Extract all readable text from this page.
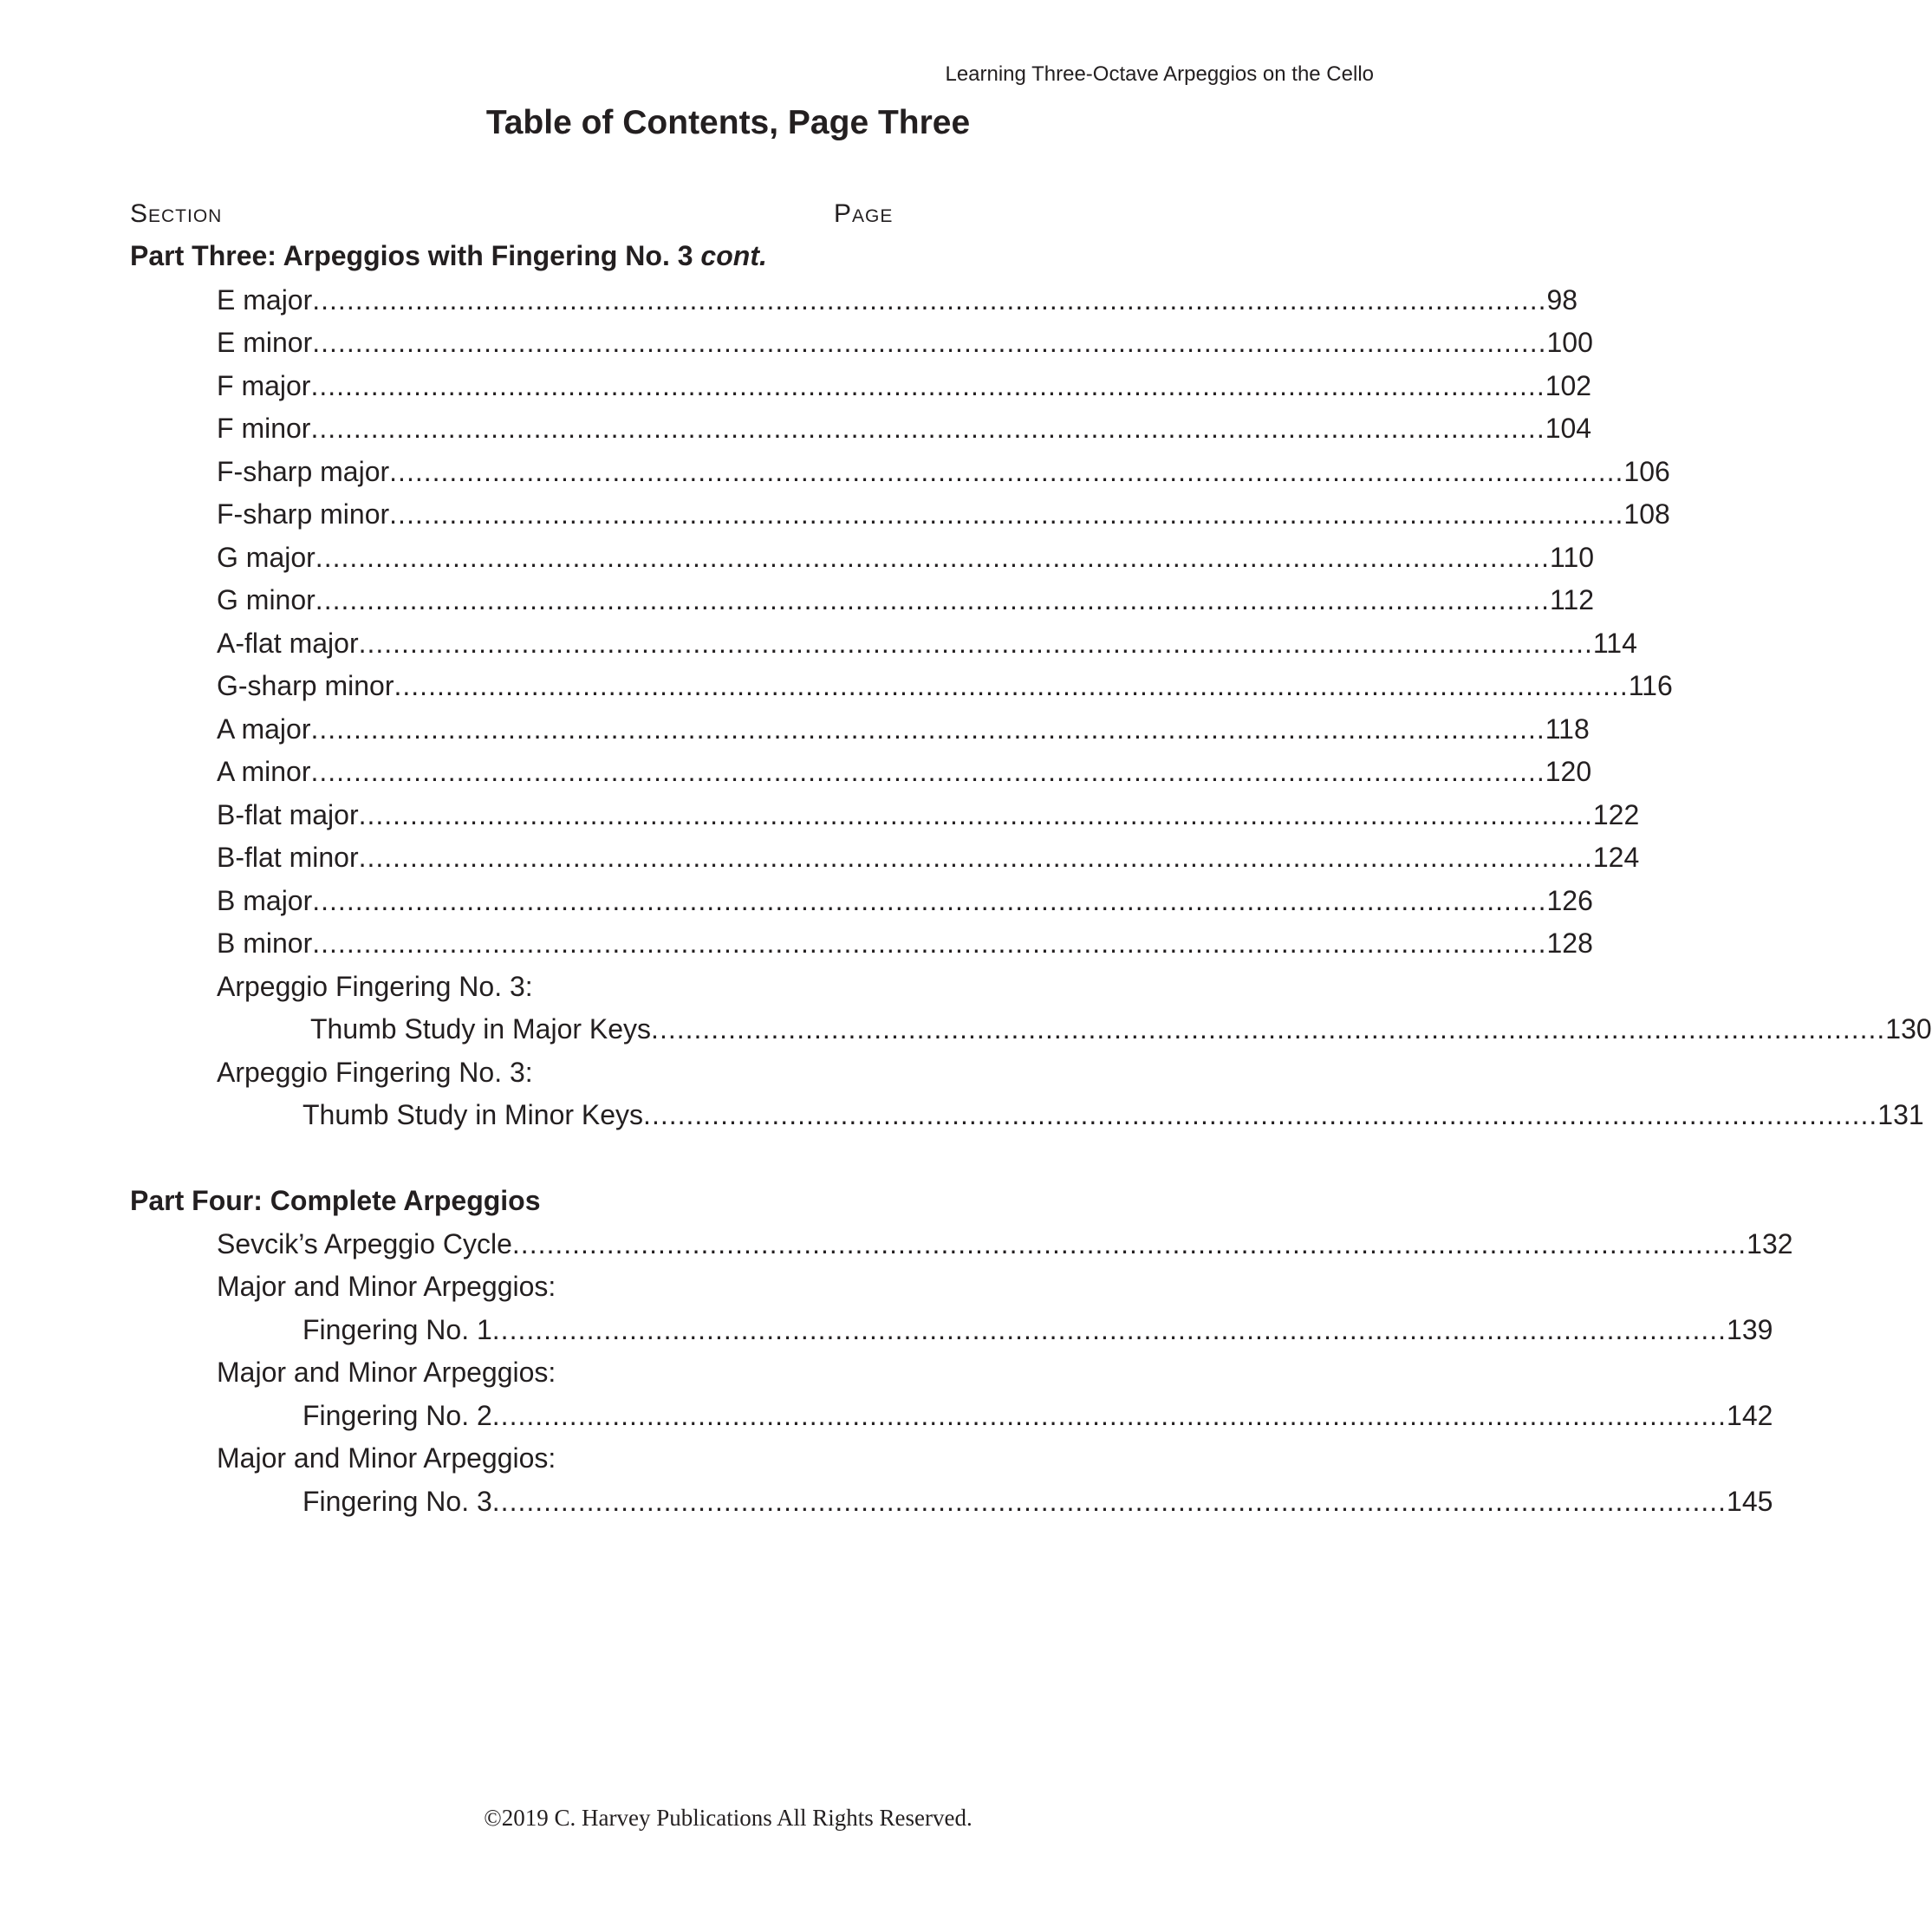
Learning Three-Octave Arpeggios on the Cello
Table of Contents, Page Three
Section	Page
Part Three: Arpeggios with Fingering No. 3 cont.
E major ................................................................................................................................................ 98
E minor ................................................................................................................................................ 100
F major ................................................................................................................................................ 102
F minor ................................................................................................................................................ 104
F-sharp major ................................................................................................................................................ 106
F-sharp minor ................................................................................................................................................ 108
G major ................................................................................................................................................ 110
G minor ................................................................................................................................................ 112
A-flat major ................................................................................................................................................ 114
G-sharp minor ................................................................................................................................................ 116
A major ................................................................................................................................................ 118
A minor ................................................................................................................................................ 120
B-flat major ................................................................................................................................................ 122
B-flat minor ................................................................................................................................................ 124
B major ................................................................................................................................................ 126
B minor ................................................................................................................................................ 128
Arpeggio Fingering No. 3:
Thumb Study in Major Keys ................................................................................................................................................ 130
Arpeggio Fingering No. 3:
Thumb Study in Minor Keys ................................................................................................................................................ 131
Part Four: Complete Arpeggios
Sevcik’s Arpeggio Cycle ................................................................................................................................................ 132
Major and Minor Arpeggios:
Fingering No. 1 ................................................................................................................................................ 139
Major and Minor Arpeggios:
Fingering No. 2 ................................................................................................................................................ 142
Major and Minor Arpeggios:
Fingering No. 3 ................................................................................................................................................ 145
©2019 C. Harvey Publications All Rights Reserved.
